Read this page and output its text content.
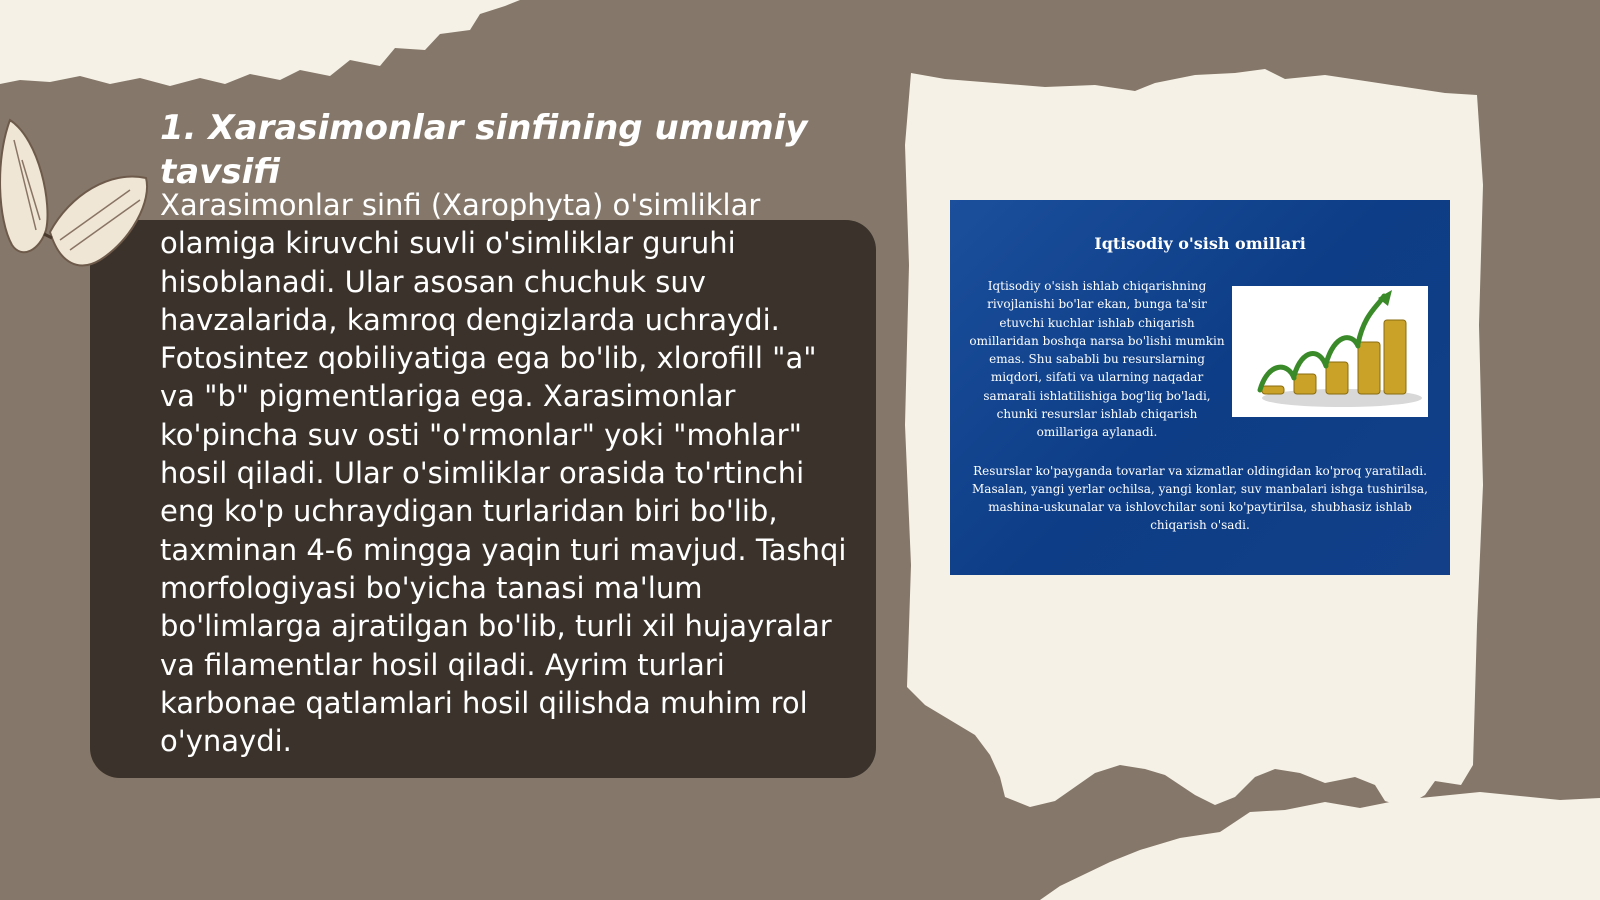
1. Xarasimonlar sinfining umumiy tavsifi

Xarasimonlar sinfi (Xarophyta) o'simliklar olamiga kiruvchi suvli o'simliklar guruhi hisoblanadi. Ular asosan chuchuk suv havzalarida, kamroq dengizlarda uchraydi. Fotosintez qobiliyatiga ega bo'lib, xlorofill "a" va "b" pigmentlariga ega. Xarasimonlar ko'pincha suv osti "o'rmonlar" yoki "mohlar" hosil qiladi. Ular o'simliklar orasida to'rtinchi eng ko'p uchraydigan turlaridan biri bo'lib, taxminan 4-6 mingga yaqin turi mavjud. Tashqi morfologiyasi bo'yicha tanasi ma'lum bo'limlarga ajratilgan bo'lib, turli xil hujayralar va filamentlar hosil qiladi. Ayrim turlari karbonae qatlamlari hosil qilishda muhim rol o'ynaydi.

Iqtisodiy o'sish omillari

Iqtisodiy o'sish ishlab chiqarishning rivojlanishi bo'lar ekan, bunga ta'sir etuvchi kuchlar ishlab chiqarish omillaridan boshqa narsa bo'lishi mumkin emas. Shu sababli bu resurslarning miqdori, sifati va ularning naqadar samarali ishlatilishiga bog'liq bo'ladi, chunki resurslar ishlab chiqarish omillariga aylanadi.

Resurslar ko'payganda tovarlar va xizmatlar oldingidan ko'proq yaratiladi. Masalan, yangi yerlar ochilsa, yangi konlar, suv manbalari ishga tushirilsa, mashina-uskunalar va ishlovchilar soni ko'paytirilsa, shubhasiz ishlab chiqarish o'sadi.
